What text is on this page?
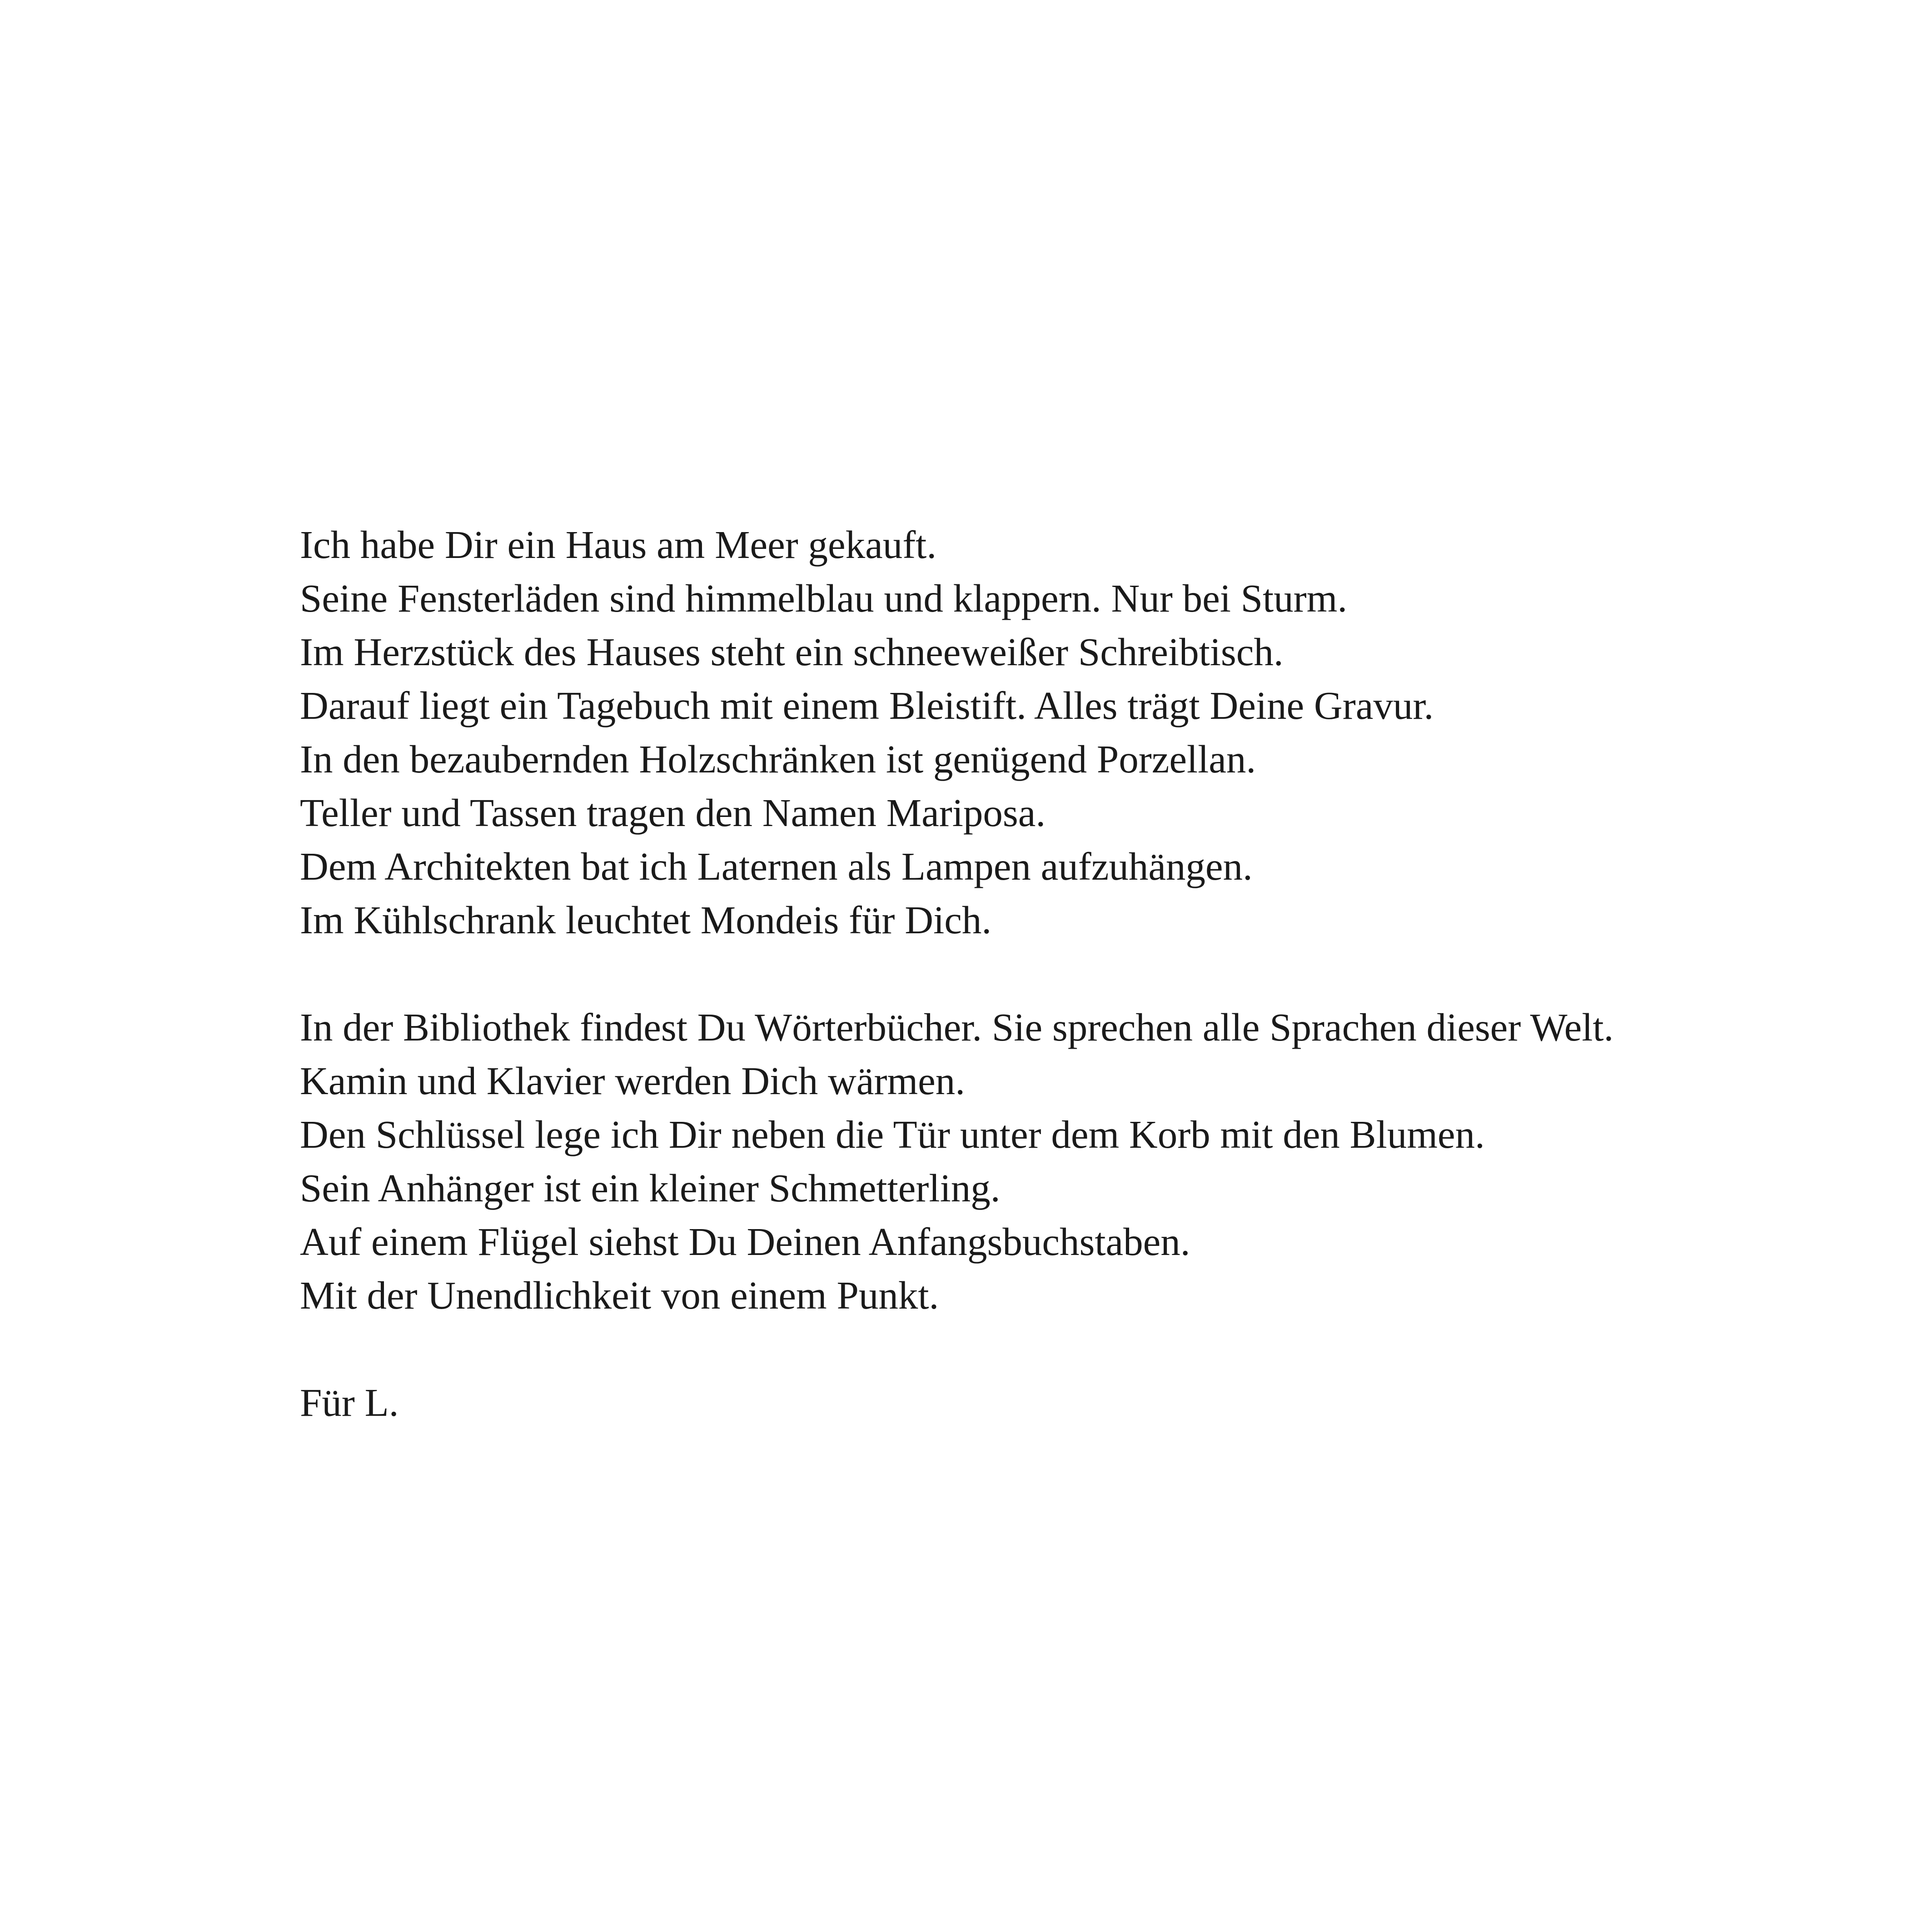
Ich habe Dir ein Haus am Meer gekauft.
Seine Fensterläden sind himmelblau und klappern. Nur bei Sturm.
Im Herzstück des Hauses steht ein schneeweißer Schreibtisch.
Darauf liegt ein Tagebuch mit einem Bleistift. Alles trägt Deine Gravur.
In den bezaubernden Holzschränken ist genügend Porzellan.
Teller und Tassen tragen den Namen Mariposa.
Dem Architekten bat ich Laternen als Lampen aufzuhängen.
Im Kühlschrank leuchtet Mondeis für Dich.

In der Bibliothek findest Du Wörterbücher. Sie sprechen alle Sprachen dieser Welt.
Kamin und Klavier werden Dich wärmen.
Den Schlüssel lege ich Dir neben die Tür unter dem Korb mit den Blumen.
Sein Anhänger ist ein kleiner Schmetterling.
Auf einem Flügel siehst Du Deinen Anfangsbuchstaben.
Mit der Unendlichkeit von einem Punkt.

Für L.
